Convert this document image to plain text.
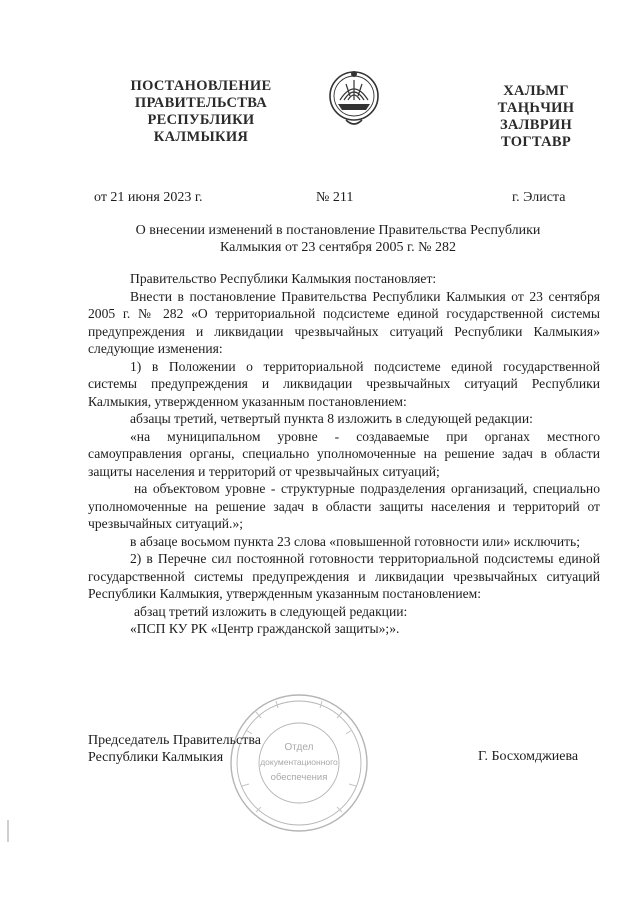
ПОСТАНОВЛЕНИЕ
ПРАВИТЕЛЬСТВА
РЕСПУБЛИКИ
КАЛМЫКИЯ
ХАЛЬМГ
ТАҢҺЧИН
ЗАЛВРИН
ТОГТАВР
от 21 июня 2023 г.	№ 211	г. Элиста
О внесении изменений в постановление Правительства Республики
Калмыкия от 23 сентября 2005 г. № 282

Правительство Республики Калмыкия постановляет:

Внести в постановление Правительства Республики Калмыкия от 23 сентября 2005 г. № 282 «О территориальной подсистеме единой государственной системы предупреждения и ликвидации чрезвычайных ситуаций Республики Калмыкия» следующие изменения:

1) в Положении о территориальной подсистеме единой государственной системы предупреждения и ликвидации чрезвычайных ситуаций Республики Калмыкия, утвержденном указанным постановлением:

абзацы третий, четвертый пункта 8 изложить в следующей редакции:

«на муниципальном уровне - создаваемые при органах местного самоуправления органы, специально уполномоченные на решение задач в области защиты населения и территорий от чрезвычайных ситуаций;

на объектовом уровне - структурные подразделения организаций, специально уполномоченные на решение задач в области защиты населения и территорий от чрезвычайных ситуаций.»;

в абзаце восьмом пункта 23 слова «повышенной готовности или» исключить;

2) в Перечне сил постоянной готовности территориальной подсистемы единой государственной системы предупреждения и ликвидации чрезвычайных ситуаций Республики Калмыкия, утвержденным указанным постановлением:

абзац третий изложить в следующей редакции:

«ПСП КУ РК «Центр гражданской защиты»;».

Отдел
документационного
обеспечения
Председатель Правительства
Республики Калмыкия	Г. Босхомджиева
